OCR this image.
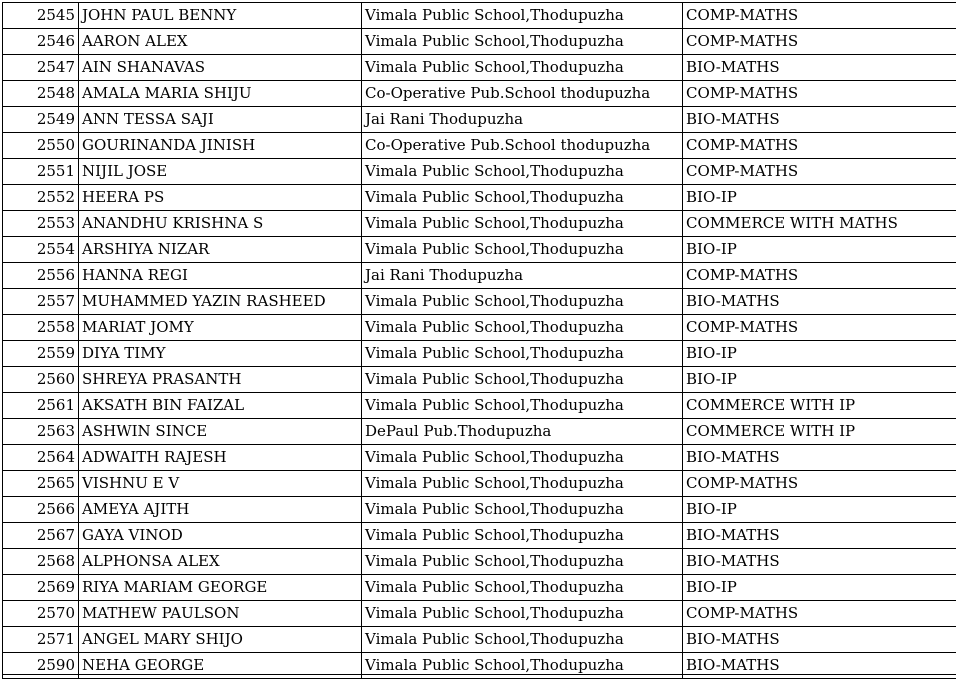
2545	JOHN PAUL BENNY	Vimala Public School,Thodupuzha	COMP-MATHS
2546	AARON ALEX	Vimala Public School,Thodupuzha	COMP-MATHS
2547	AIN SHANAVAS	Vimala Public School,Thodupuzha	BIO-MATHS
2548	AMALA MARIA SHIJU	Co-Operative Pub.School thodupuzha	COMP-MATHS
2549	ANN TESSA SAJI	Jai Rani Thodupuzha	BIO-MATHS
2550	GOURINANDA JINISH	Co-Operative Pub.School thodupuzha	COMP-MATHS
2551	NIJIL JOSE	Vimala Public School,Thodupuzha	COMP-MATHS
2552	HEERA PS	Vimala Public School,Thodupuzha	BIO-IP
2553	ANANDHU KRISHNA S	Vimala Public School,Thodupuzha	COMMERCE WITH MATHS
2554	ARSHIYA NIZAR	Vimala Public School,Thodupuzha	BIO-IP
2556	HANNA REGI	Jai Rani Thodupuzha	COMP-MATHS
2557	MUHAMMED YAZIN RASHEED	Vimala Public School,Thodupuzha	BIO-MATHS
2558	MARIAT JOMY	Vimala Public School,Thodupuzha	COMP-MATHS
2559	DIYA TIMY	Vimala Public School,Thodupuzha	BIO-IP
2560	SHREYA PRASANTH	Vimala Public School,Thodupuzha	BIO-IP
2561	AKSATH BIN FAIZAL	Vimala Public School,Thodupuzha	COMMERCE WITH IP
2563	ASHWIN SINCE	DePaul Pub.Thodupuzha	COMMERCE WITH IP
2564	ADWAITH RAJESH	Vimala Public School,Thodupuzha	BIO-MATHS
2565	VISHNU E V	Vimala Public School,Thodupuzha	COMP-MATHS
2566	AMEYA AJITH	Vimala Public School,Thodupuzha	BIO-IP
2567	GAYA VINOD	Vimala Public School,Thodupuzha	BIO-MATHS
2568	ALPHONSA ALEX	Vimala Public School,Thodupuzha	BIO-MATHS
2569	RIYA MARIAM GEORGE	Vimala Public School,Thodupuzha	BIO-IP
2570	MATHEW PAULSON	Vimala Public School,Thodupuzha	COMP-MATHS
2571	ANGEL MARY SHIJO	Vimala Public School,Thodupuzha	BIO-MATHS
2590	NEHA GEORGE	Vimala Public School,Thodupuzha	BIO-MATHS
